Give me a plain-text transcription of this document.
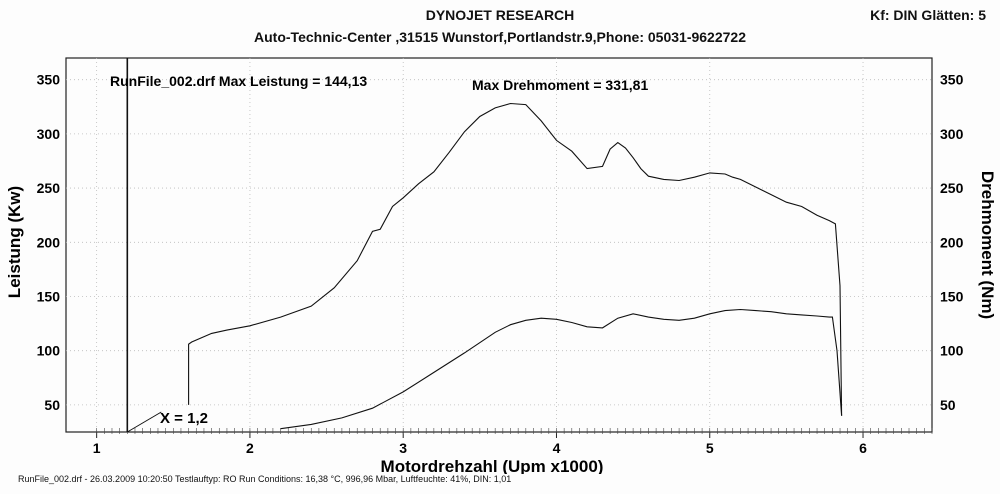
DYNOJET RESEARCH	Kf: DIN Glätten: 5
Auto-Technic-Center ,31515 Wunstorf,Portlandstr.9,Phone: 05031-9622722
1	2	3	4	5	6
50
100
150
200
250
300
350
50
100
150
200
250
300
350
RunFile_002.drf Max Leistung = 144,13	Max Drehmoment = 331,81
X = 1,2
Motordrehzahl (Upm x1000)
Leistung (Kw)	Drehmoment (Nm)
RunFile_002.drf - 26.03.2009 10:20:50 Testlauftyp: RO Run Conditions: 16,38 °C, 996,96 Mbar, Luftfeuchte: 41%, DIN: 1,01
